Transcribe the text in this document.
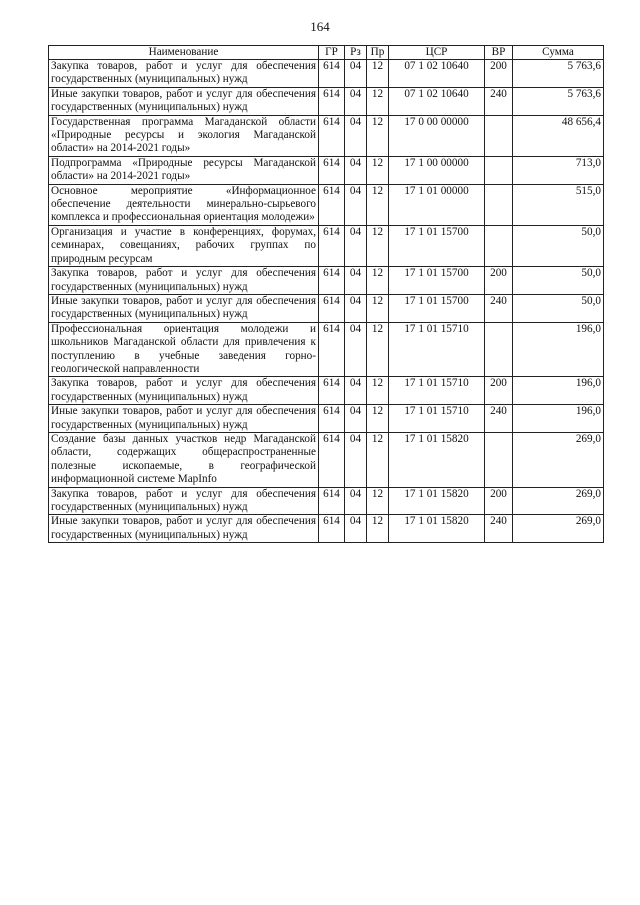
164
Наименование	ГР	Рз	Пр	ЦСР	ВР	Сумма
Закупка товаров, работ и услуг для обеспечения государственных (муниципальных) нужд	614	04	12	07 1 02 10640	200	5 763,6
Иные закупки товаров, работ и услуг для обеспечения государственных (муниципальных) нужд	614	04	12	07 1 02 10640	240	5 763,6
Государственная программа Магаданской области «Природные ресурсы и экология Магаданской области» на 2014-2021 годы»	614	04	12	17 0 00 00000		48 656,4
Подпрограмма «Природные ресурсы Магаданской области» на 2014-2021 годы»	614	04	12	17 1 00 00000		713,0
Основное мероприятие «Информационное обеспечение деятельности минерально-сырьевого комплекса и профессиональная ориентация молодежи»	614	04	12	17 1 01 00000		515,0
Организация и участие в конференциях, форумах, семинарах, совещаниях, рабочих группах по природным ресурсам	614	04	12	17 1 01 15700		50,0
Закупка товаров, работ и услуг для обеспечения государственных (муниципальных) нужд	614	04	12	17 1 01 15700	200	50,0
Иные закупки товаров, работ и услуг для обеспечения государственных (муниципальных) нужд	614	04	12	17 1 01 15700	240	50,0
Профессиональная ориентация молодежи и школьников Магаданской области для привлечения к поступлению в учебные заведения горно-геологической направленности	614	04	12	17 1 01 15710		196,0
Закупка товаров, работ и услуг для обеспечения государственных (муниципальных) нужд	614	04	12	17 1 01 15710	200	196,0
Иные закупки товаров, работ и услуг для обеспечения государственных (муниципальных) нужд	614	04	12	17 1 01 15710	240	196,0
Создание базы данных участков недр Магаданской области, содержащих общераспространенные полезные ископаемые, в географической информационной системе MapInfo	614	04	12	17 1 01 15820		269,0
Закупка товаров, работ и услуг для обеспечения государственных (муниципальных) нужд	614	04	12	17 1 01 15820	200	269,0
Иные закупки товаров, работ и услуг для обеспечения государственных (муниципальных) нужд	614	04	12	17 1 01 15820	240	269,0
